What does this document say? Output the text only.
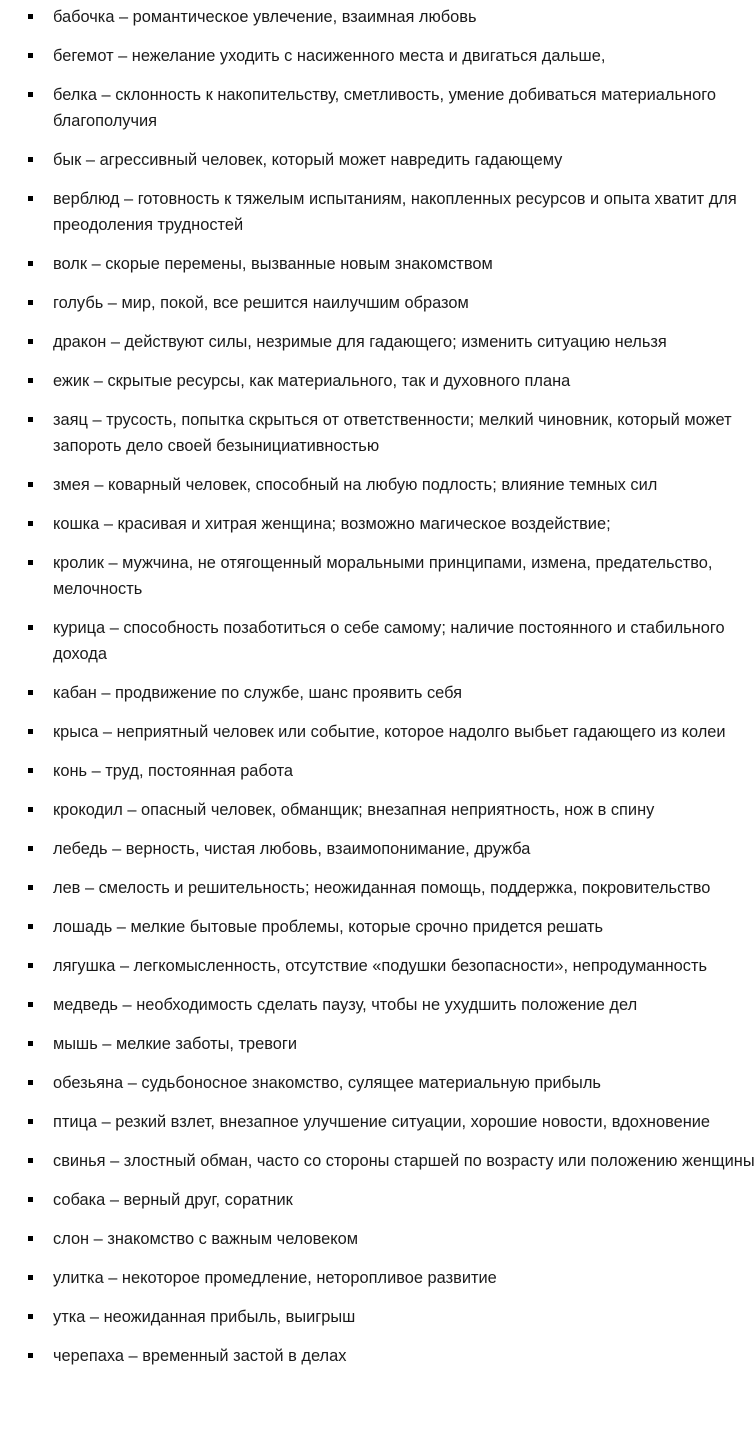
бабочка – романтическое увлечение, взаимная любовь
бегемот – нежелание уходить с насиженного места и двигаться дальше,
белка – склонность к накопительству, сметливость, умение добиваться материального благополучия
бык – агрессивный человек, который может навредить гадающему
верблюд – готовность к тяжелым испытаниям, накопленных ресурсов и опыта хватит для преодоления трудностей
волк – скорые перемены, вызванные новым знакомством
голубь – мир, покой, все решится наилучшим образом
дракон – действуют силы, незримые для гадающего; изменить ситуацию нельзя
ежик – скрытые ресурсы, как материального, так и духовного плана
заяц – трусость, попытка скрыться от ответственности; мелкий чиновник, который может запороть дело своей безынициативностью
змея – коварный человек, способный на любую подлость; влияние темных сил
кошка – красивая и хитрая женщина; возможно магическое воздействие;
кролик – мужчина, не отягощенный моральными принципами, измена, предательство, мелочность
курица – способность позаботиться о себе самому; наличие постоянного и стабильного дохода
кабан – продвижение по службе, шанс проявить себя
крыса – неприятный человек или событие, которое надолго выбьет гадающего из колеи
конь – труд, постоянная работа
крокодил – опасный человек, обманщик; внезапная неприятность, нож в спину
лебедь – верность, чистая любовь, взаимопонимание, дружба
лев – смелость и решительность; неожиданная помощь, поддержка, покровительство
лошадь – мелкие бытовые проблемы, которые срочно придется решать
лягушка – легкомысленность, отсутствие «подушки безопасности», непродуманность
медведь – необходимость сделать паузу, чтобы не ухудшить положение дел
мышь – мелкие заботы, тревоги
обезьяна – судьбоносное знакомство, сулящее материальную прибыль
птица – резкий взлет, внезапное улучшение ситуации, хорошие новости, вдохновение
свинья – злостный обман, часто со стороны старшей по возрасту или положению женщины
собака – верный друг, соратник
слон – знакомство с важным человеком
улитка – некоторое промедление, неторопливое развитие
утка – неожиданная прибыль, выигрыш
черепаха – временный застой в делах
